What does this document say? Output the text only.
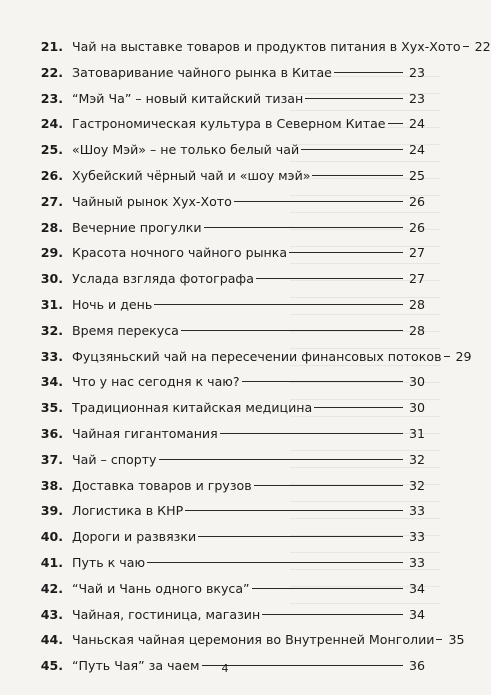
21. Чай на выставке товаров и продуктов питания в Хух-Хото	22
22. Затоваривание чайного рынка в Китае	23
23. “Мэй Ча” – новый китайский тизан	23
24. Гастрономическая культура в Северном Китае	24
25. «Шоу Мэй» – не только белый чай	24
26. Хубейский чёрный чай и «шоу мэй»	25
27. Чайный рынок Хух-Хото	26
28. Вечерние прогулки	26
29. Красота ночного чайного рынка	27
30. Услада взгляда фотографа	27
31. Ночь и день	28
32. Время перекуса	28
33. Фуцзяньский чай на пересечении финансовых потоков	29
34. Что у нас сегодня к чаю?	30
35. Традиционная китайская медицина	30
36. Чайная гигантомания	31
37. Чай – спорту	32
38. Доставка товаров и грузов	32
39. Логистика в КНР	33
40. Дороги и развязки	33
41. Путь к чаю	33
42. “Чай и Чань одного вкуса”	34
43. Чайная, гостиница, магазин	34
44. Чаньская чайная церемония во Внутренней Монголии	35
45. “Путь Чая” за чаем	36
4
